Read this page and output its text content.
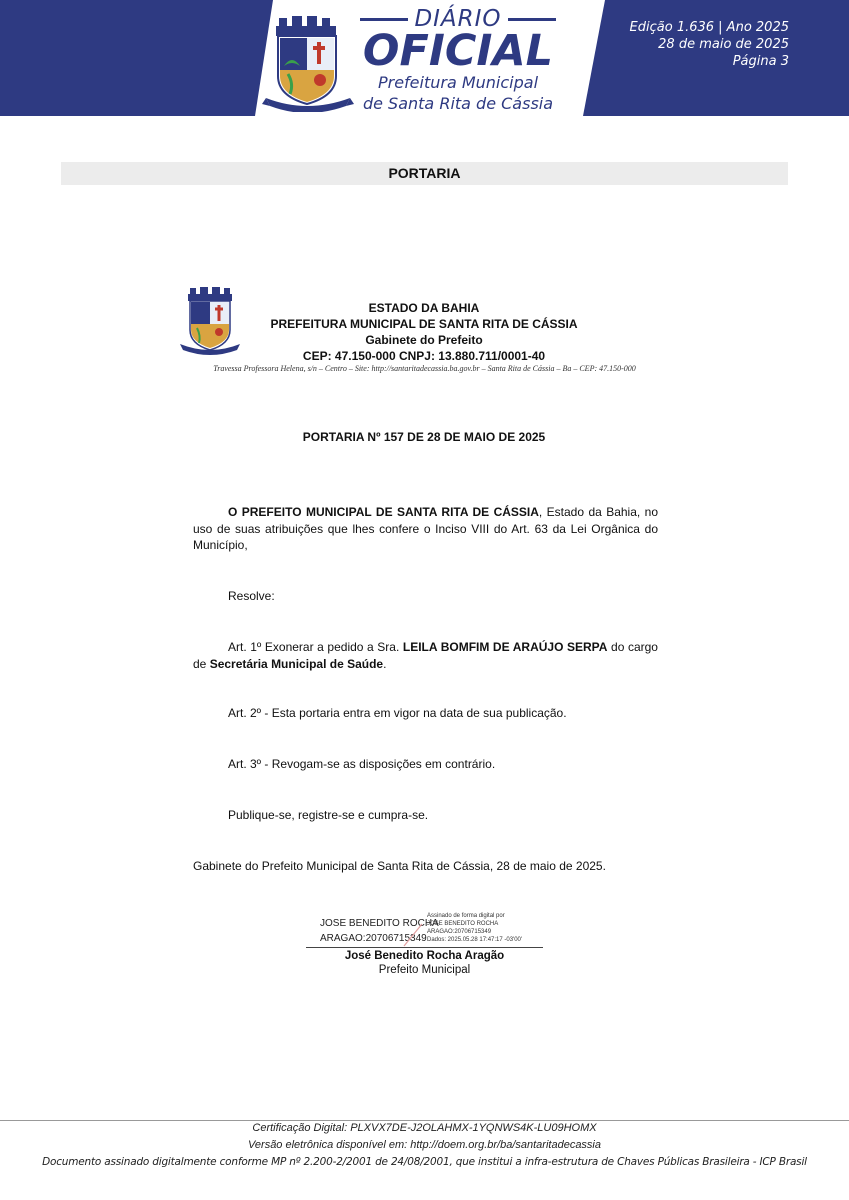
DIÁRIO
OFICIAL
Prefeitura Municipal
de Santa Rita de Cássia
Edição 1.636 | Ano 2025
28 de maio de 2025
Página 3
PORTARIA
ESTADO DA BAHIA
PREFEITURA MUNICIPAL DE SANTA RITA DE CÁSSIA
Gabinete do Prefeito
CEP: 47.150-000 CNPJ: 13.880.711/0001-40
Travessa Professora Helena, s/n – Centro – Site: http://santaritadecassia.ba.gov.br – Santa Rita de Cássia – Ba – CEP: 47.150-000
PORTARIA Nº 157 DE 28 DE MAIO DE 2025
O PREFEITO MUNICIPAL DE SANTA RITA DE CÁSSIA, Estado da Bahia, no uso de suas atribuições que lhes confere o Inciso VIII do Art. 63 da Lei Orgânica do Município,
Resolve:
Art. 1º Exonerar a pedido a Sra. LEILA BOMFIM DE ARAÚJO SERPA do cargo de Secretária Municipal de Saúde.
Art. 2º - Esta portaria entra em vigor na data de sua publicação.
Art. 3º - Revogam-se as disposições em contrário.
Publique-se, registre-se e cumpra-se.
Gabinete do Prefeito Municipal de Santa Rita de Cássia, 28 de maio de 2025.
JOSE BENEDITO ROCHA
ARAGAO:20706715349
Assinado de forma digital por
JOSE BENEDITO ROCHA
ARAGAO:20706715349
Dados: 2025.05.28 17:47:17 -03'00'
José Benedito Rocha Aragão
Prefeito Municipal
Certificação Digital: PLXVX7DE-J2OLAHMX-1YQNWS4K-LU09HOMX
Versão eletrônica disponível em: http://doem.org.br/ba/santaritadecassia
Documento assinado digitalmente conforme MP nº 2.200-2/2001 de 24/08/2001, que institui a infra-estrutura de Chaves Públicas Brasileira - ICP Brasil
